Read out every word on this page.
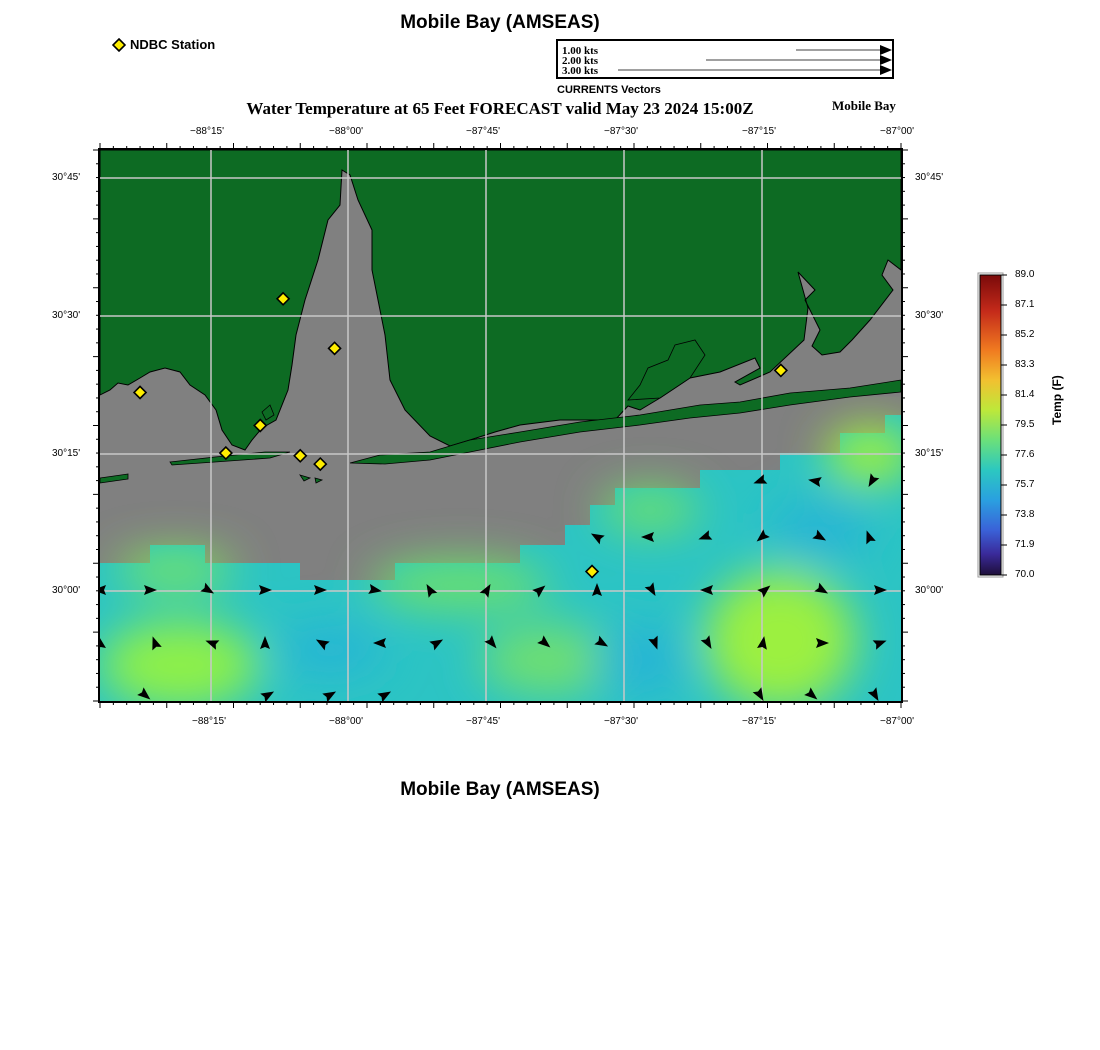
Mobile Bay (AMSEAS)
NDBC Station	1.00 kts
2.00 kts
3.00 kts
CURRENTS Vectors
Water Temperature at 65 Feet FORECAST valid May 23 2024 15:00Z	Mobile Bay
−88°15'	−88°00'	−87°45'	−87°30'	−87°15'	−87°00'
−88°15'	−88°00'	−87°45'	−87°30'	−87°15'	−87°00'
30°45'
30°30'
30°15'
30°00'
30°45'
30°30'
30°15'
30°00'
89.0
87.1
85.2
83.3
81.4
79.5
77.6
75.7
73.8
71.9
70.0
Temp (F)
Mobile Bay (AMSEAS)
